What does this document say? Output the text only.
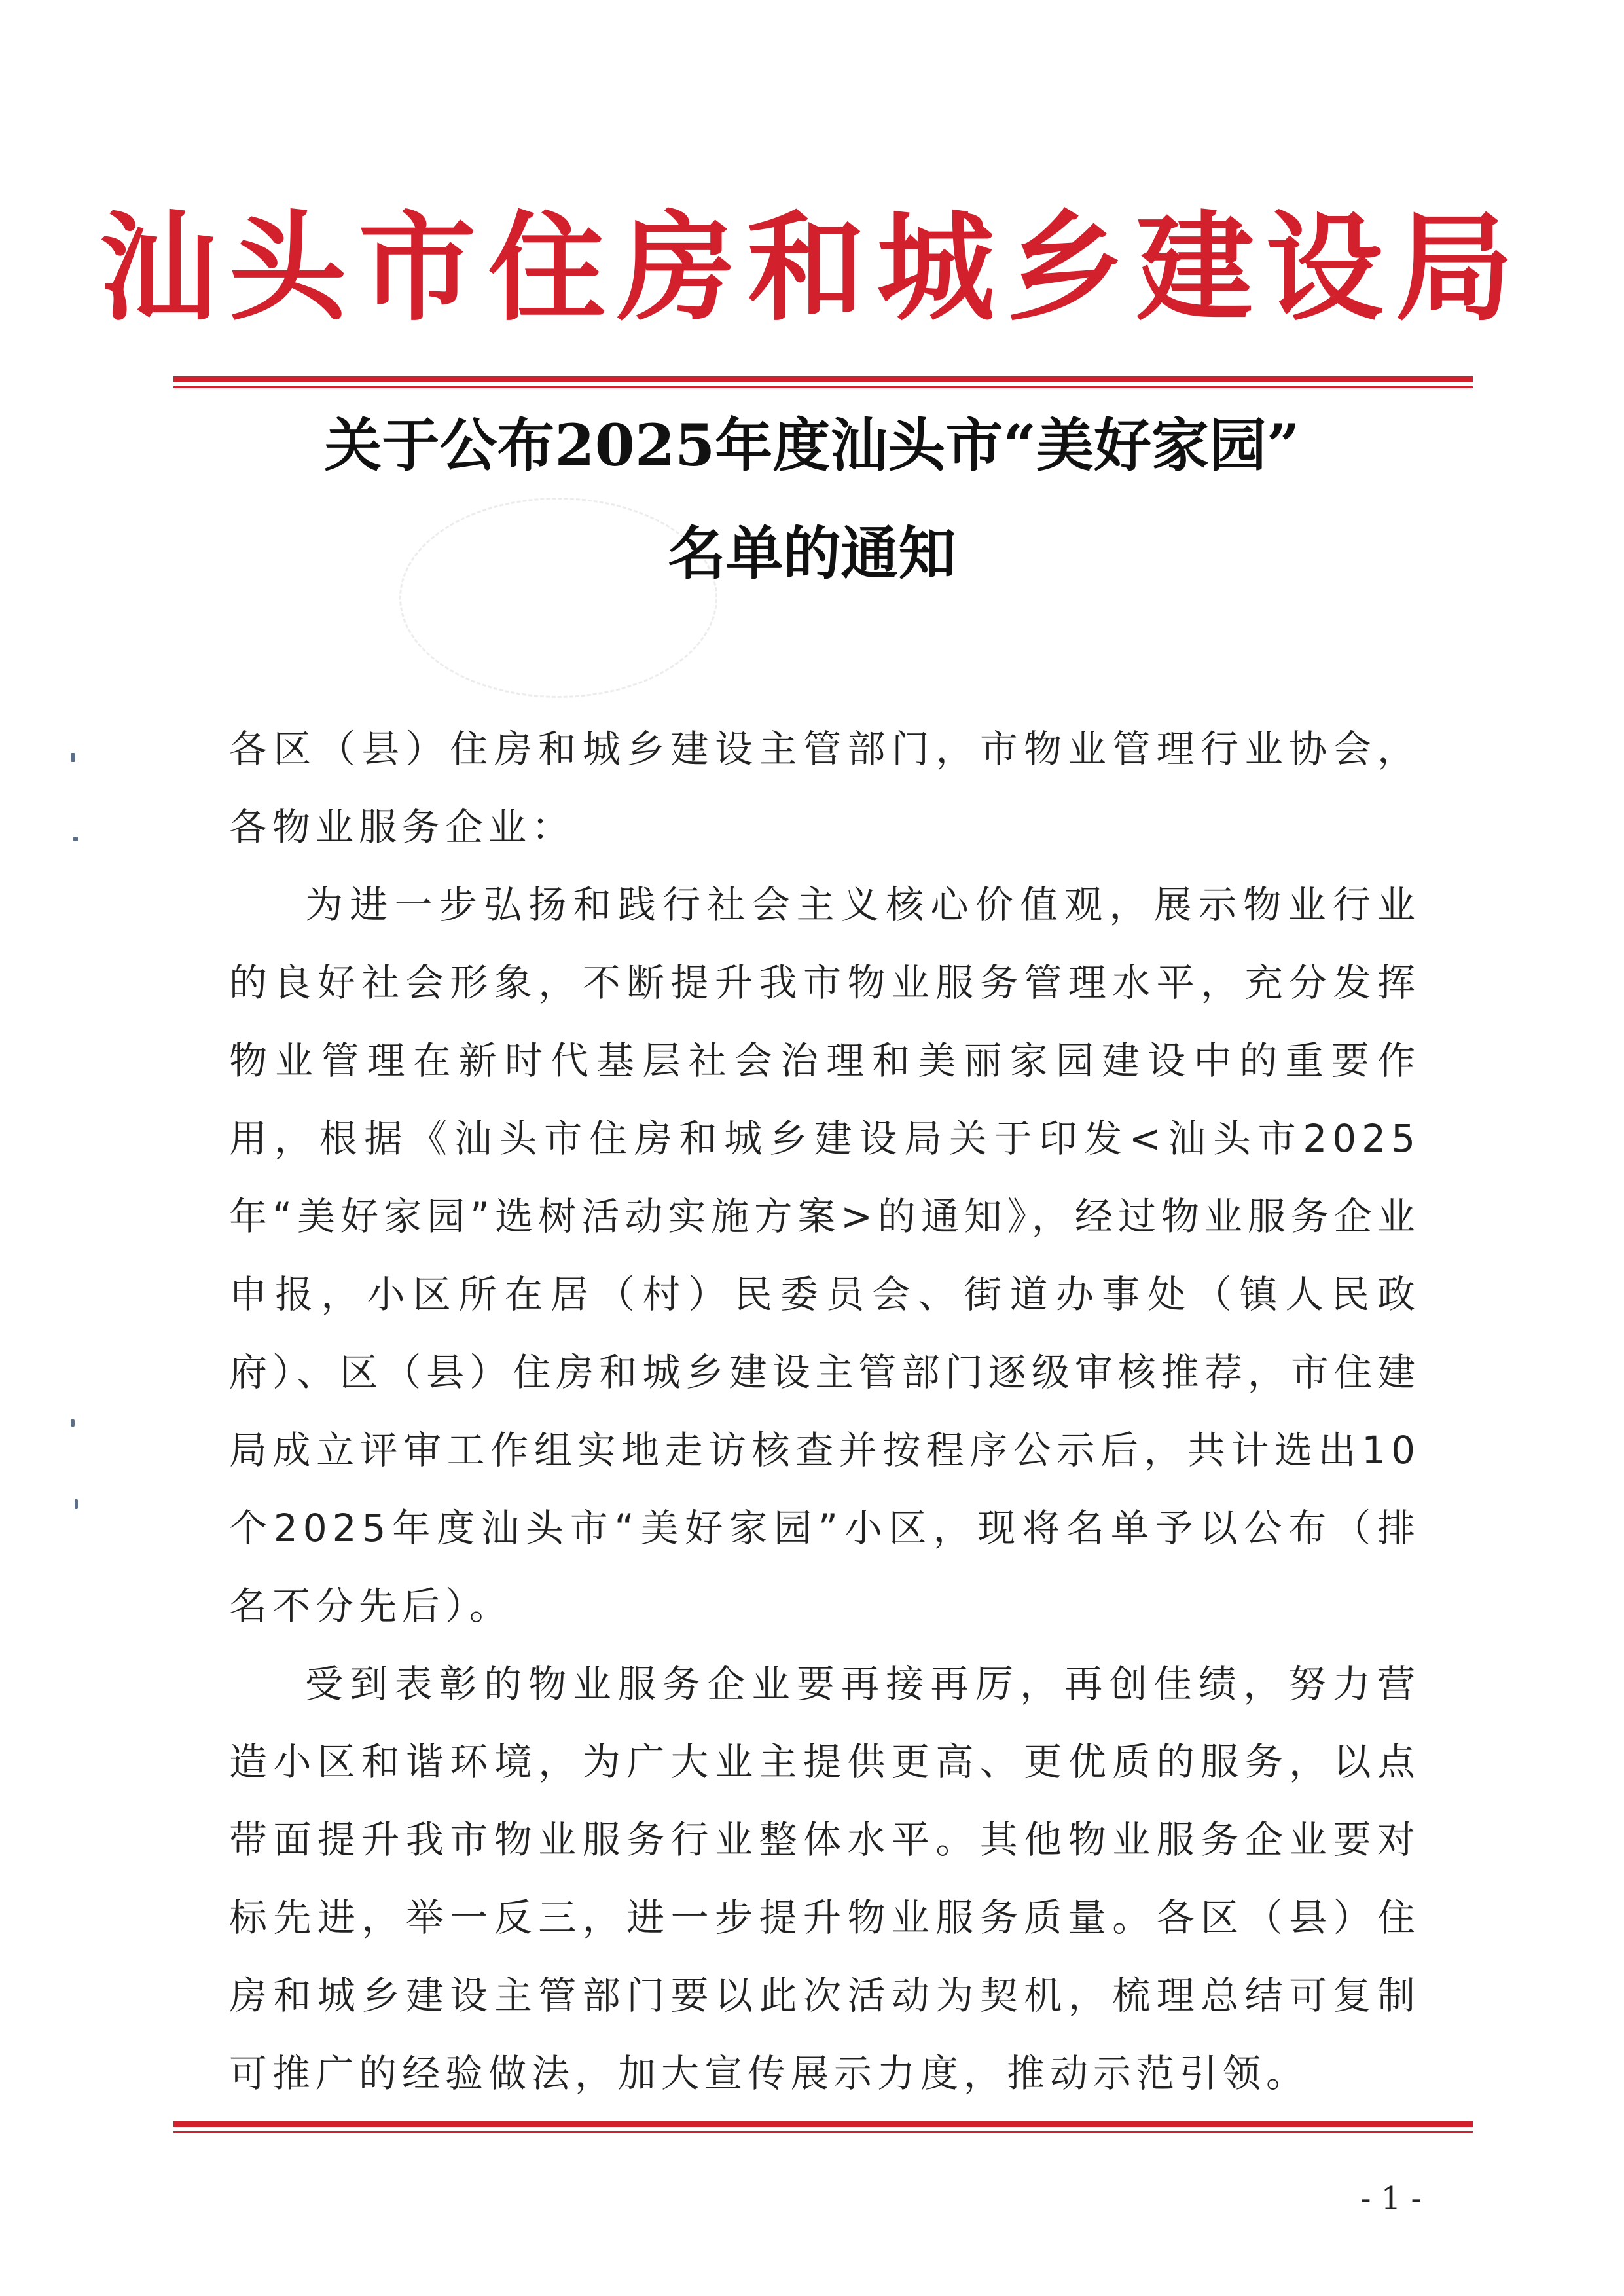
汕头市住房和城乡建设局
关于公布2025年度汕头市“美好家园”
名单的通知

各区（县）住房和城乡建设主管部门，市物业管理行业协会，各物业服务企业：

为进一步弘扬和践行社会主义核心价值观，展示物业行业的良好社会形象，不断提升我市物业服务管理水平，充分发挥物业管理在新时代基层社会治理和美丽家园建设中的重要作用，根据《汕头市住房和城乡建设局关于印发<汕头市2025年“美好家园”选树活动实施方案>的通知》，经过物业服务企业申报，小区所在居（村）民委员会、街道办事处（镇人民政府）、区（县）住房和城乡建设主管部门逐级审核推荐，市住建局成立评审工作组实地走访核查并按程序公示后，共计选出10个2025年度汕头市“美好家园”小区，现将名单予以公布（排名不分先后）。

受到表彰的物业服务企业要再接再厉，再创佳绩，努力营造小区和谐环境，为广大业主提供更高、更优质的服务，以点带面提升我市物业服务行业整体水平。其他物业服务企业要对标先进，举一反三，进一步提升物业服务质量。各区（县）住房和城乡建设主管部门要以此次活动为契机，梳理总结可复制可推广的经验做法，加大宣传展示力度，推动示范引领。

- 1 -
